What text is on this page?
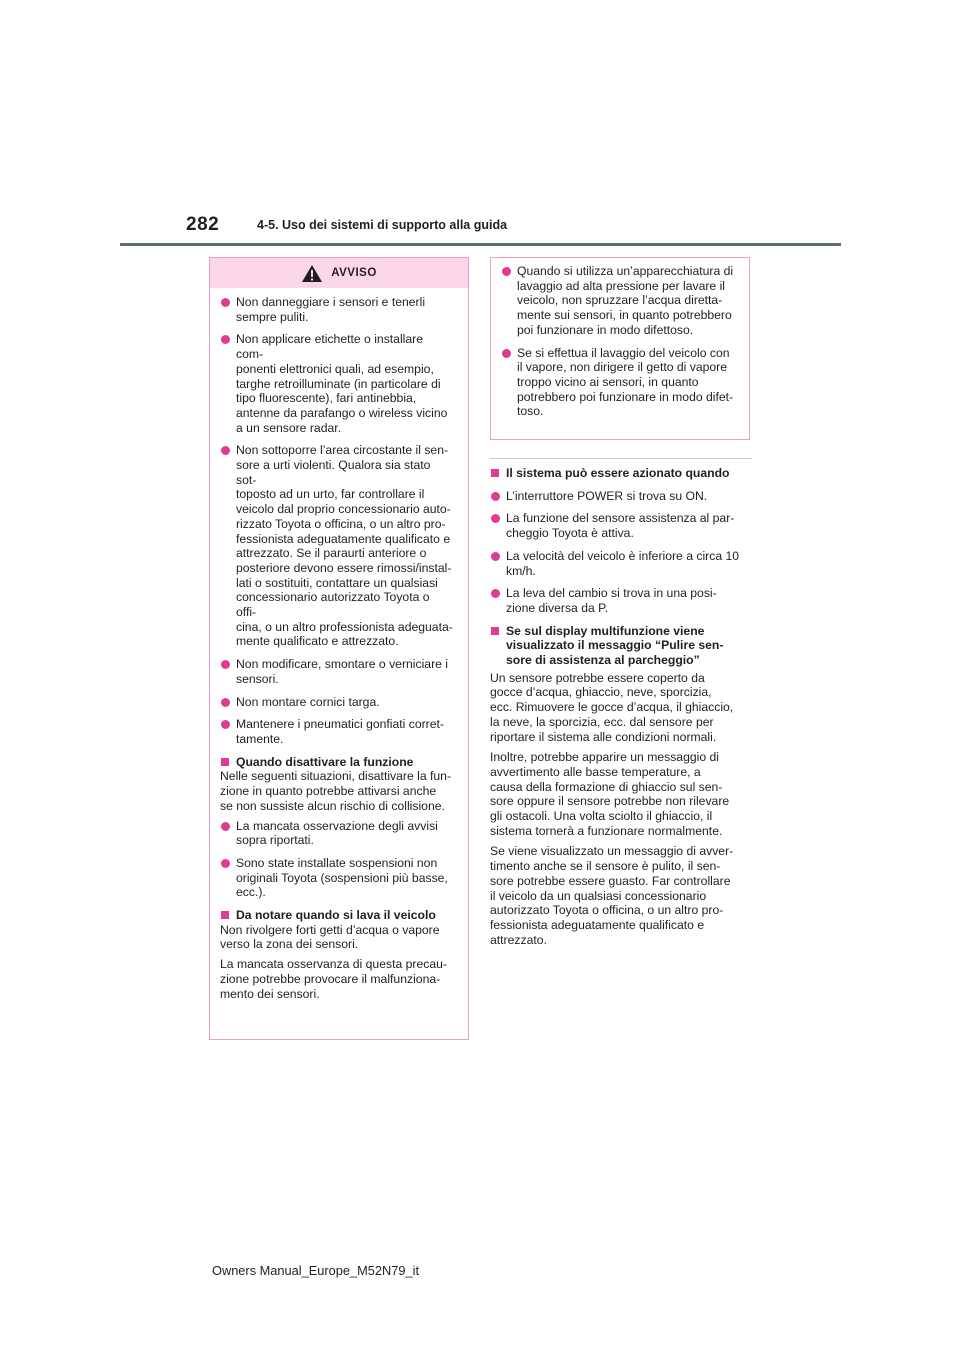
282	4-5. Uso dei sistemi di supporto alla guida
AVVISO
Non danneggiare i sensori e tenerli
sempre puliti.
Non applicare etichette o installare com-
ponenti elettronici quali, ad esempio,
targhe retroilluminate (in particolare di
tipo fluorescente), fari antinebbia,
antenne da parafango o wireless vicino
a un sensore radar.
Non sottoporre l’area circostante il sen-
sore a urti violenti. Qualora sia stato sot-
toposto ad un urto, far controllare il
veicolo dal proprio concessionario auto-
rizzato Toyota o officina, o un altro pro-
fessionista adeguatamente qualificato e
attrezzato. Se il paraurti anteriore o
posteriore devono essere rimossi/instal-
lati o sostituiti, contattare un qualsiasi
concessionario autorizzato Toyota o offi-
cina, o un altro professionista adeguata-
mente qualificato e attrezzato.
Non modificare, smontare o verniciare i
sensori.
Non montare cornici targa.
Mantenere i pneumatici gonfiati corret-
tamente.
Quando disattivare la funzione
Nelle seguenti situazioni, disattivare la fun-
zione in quanto potrebbe attivarsi anche
se non sussiste alcun rischio di collisione.
La mancata osservazione degli avvisi
sopra riportati.
Sono state installate sospensioni non
originali Toyota (sospensioni più basse,
ecc.).
Da notare quando si lava il veicolo
Non rivolgere forti getti d’acqua o vapore
verso la zona dei sensori.
La mancata osservanza di questa precau-
zione potrebbe provocare il malfunziona-
mento dei sensori.
Quando si utilizza un’apparecchiatura di
lavaggio ad alta pressione per lavare il
veicolo, non spruzzare l’acqua diretta-
mente sui sensori, in quanto potrebbero
poi funzionare in modo difettoso.
Se si effettua il lavaggio del veicolo con
il vapore, non dirigere il getto di vapore
troppo vicino ai sensori, in quanto
potrebbero poi funzionare in modo difet-
toso.
Il sistema può essere azionato quando
L’interruttore POWER si trova su ON.
La funzione del sensore assistenza al par-
cheggio Toyota è attiva.
La velocità del veicolo è inferiore a circa 10
km/h.
La leva del cambio si trova in una posi-
zione diversa da P.
Se sul display multifunzione viene
visualizzato il messaggio “Pulire sen-
sore di assistenza al parcheggio”
Un sensore potrebbe essere coperto da
gocce d’acqua, ghiaccio, neve, sporcizia,
ecc. Rimuovere le gocce d’acqua, il ghiaccio,
la neve, la sporcizia, ecc. dal sensore per
riportare il sistema alle condizioni normali.
Inoltre, potrebbe apparire un messaggio di
avvertimento alle basse temperature, a
causa della formazione di ghiaccio sul sen-
sore oppure il sensore potrebbe non rilevare
gli ostacoli. Una volta sciolto il ghiaccio, il
sistema tornerà a funzionare normalmente.
Se viene visualizzato un messaggio di avver-
timento anche se il sensore è pulito, il sen-
sore potrebbe essere guasto. Far controllare
il veicolo da un qualsiasi concessionario
autorizzato Toyota o officina, o un altro pro-
fessionista adeguatamente qualificato e
attrezzato.
Owners Manual_Europe_M52N79_it
